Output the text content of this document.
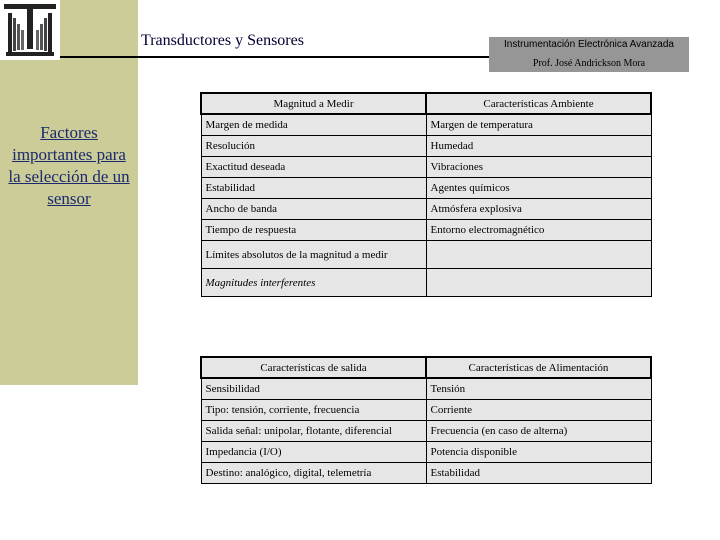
Factores importantes para la selección de un sensor
Transductores y Sensores	Instrumentación Electrónica Avanzada
Prof. José Andrickson Mora
Magnitud a Medir	Características Ambiente
Margen de medida	Margen de temperatura
Resolución	Humedad
Exactitud deseada	Vibraciones
Estabilidad	Agentes químicos
Ancho de banda	Atmósfera explosiva
Tiempo de respuesta	Entorno electromagnético
Límites absolutos de la magnitud a medir	
Magnitudes interferentes	
Características de salida	Características de Alimentación
Sensibilidad	Tensión
Tipo: tensión, corriente, frecuencia	Corriente
Salida señal: unipolar, flotante, diferencial	Frecuencia (en caso de alterna)
Impedancia (I/O)	Potencia disponible
Destino: analógico, digital, telemetría	Estabilidad
